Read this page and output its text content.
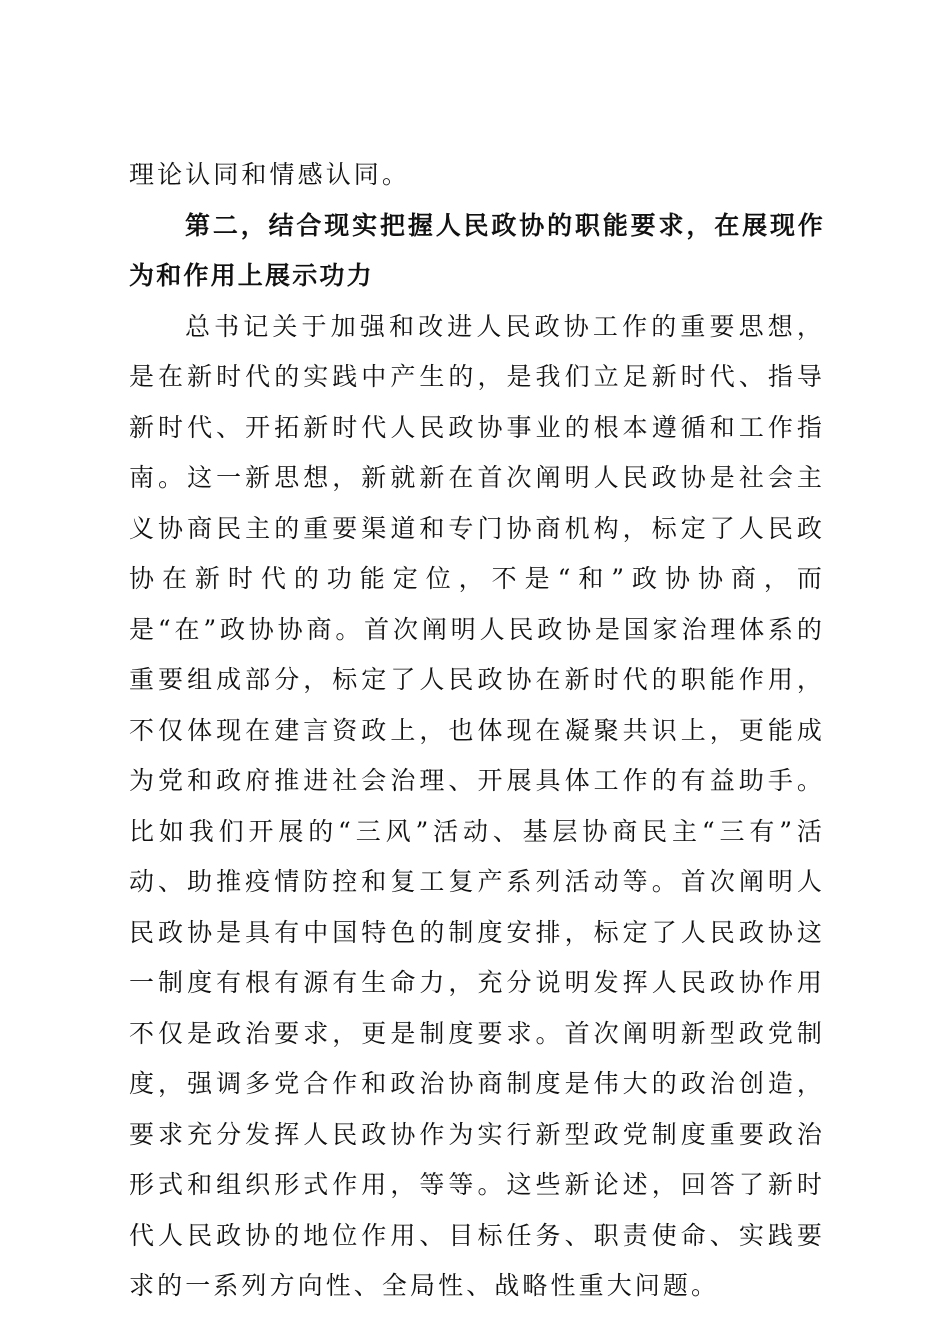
理论认同和情感认同。

第二，结合现实把握人民政协的职能要求，在展现作为和作用上展示功力

总书记关于加强和改进人民政协工作的重要思想，是在新时代的实践中产生的，是我们立足新时代、指导新时代、开拓新时代人民政协事业的根本遵循和工作指南。这一新思想，新就新在首次阐明人民政协是社会主义协商民主的重要渠道和专门协商机构，标定了人民政协在新时代的功能定位，不是“和”政协协商，而是“在”政协协商。首次阐明人民政协是国家治理体系的重要组成部分，标定了人民政协在新时代的职能作用，不仅体现在建言资政上，也体现在凝聚共识上，更能成为党和政府推进社会治理、开展具体工作的有益助手。比如我们开展的“三风”活动、基层协商民主“三有”活动、助推疫情防控和复工复产系列活动等。首次阐明人民政协是具有中国特色的制度安排，标定了人民政协这一制度有根有源有生命力，充分说明发挥人民政协作用不仅是政治要求，更是制度要求。首次阐明新型政党制度，强调多党合作和政治协商制度是伟大的政治创造，要求充分发挥人民政协作为实行新型政党制度重要政治形式和组织形式作用，等等。这些新论述，回答了新时代人民政协的地位作用、目标任务、职责使命、实践要求的一系列方向性、全局性、战略性重大问题。
